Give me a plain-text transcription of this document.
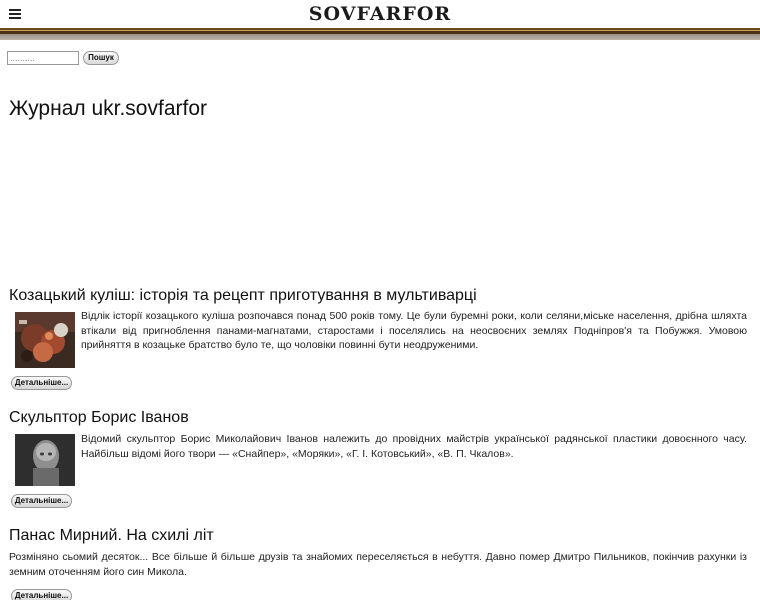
SOVFARFOR
..........
Пошук
Журнал ukr.sovfarfor
Козацький куліш: історія та рецепт приготування в мультиварці

Відлік історії козацького куліша розпочався понад 500 років тому. Це були буремні роки, коли селяни,міське населення, дрібна шляхта втікали від пригноблення панами-магнатами, старостами і поселялись на неосвоєних землях Подніпров'я та Побужжя. Умовою прийняття в козацьке братство було те, що чоловіки повинні бути неодруженими.

Детальніше...
Скульптор Борис Іванов

Відомий скульптор Борис Миколайович Іванов належить до провідних майстрів української радянської пластики довоєнного часу. Найбільш відомі його твори — «Снайпер», «Моряки», «Г. І. Котовський», «В. П. Чкалов».

Детальніше...
Панас Мирний. На схилі літ

Розміняно сьомий десяток... Все більше й більше друзів та знайомих переселяється в небуття. Давно помер Дмитро Пильников, покінчив рахунки із земним оточенням його син Микола.

Детальніше...
